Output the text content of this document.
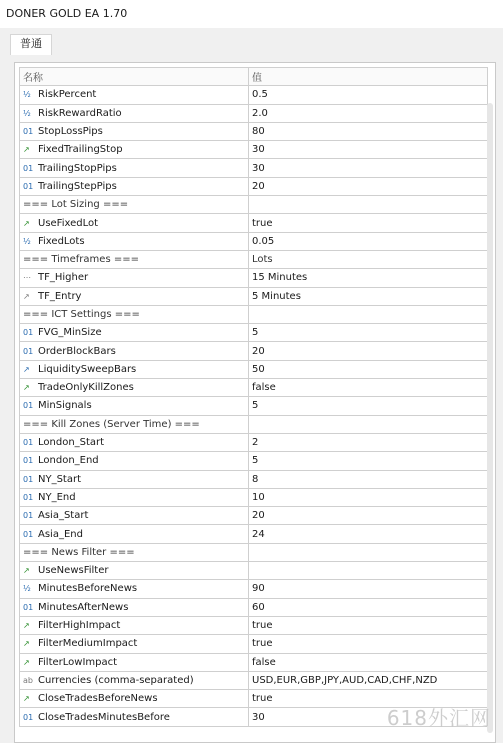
DONER GOLD EA 1.70
普通
名称	值
½ RiskPercent	0.5
½ RiskRewardRatio	2.0
01 StopLossPips	80
↗ FixedTrailingStop	30
01 TrailingStopPips	30
01 TrailingStepPips	20
=== Lot Sizing ===	
↗ UseFixedLot	true
½ FixedLots	0.05
=== Timeframes ===	Lots
⋯ TF_Higher	15 Minutes
↗ TF_Entry	5 Minutes
=== ICT Settings ===	
01 FVG_MinSize	5
01 OrderBlockBars	20
↗ LiquiditySweepBars	50
↗ TradeOnlyKillZones	false
01 MinSignals	5
=== Kill Zones (Server Time) ===	
01 London_Start	2
01 London_End	5
01 NY_Start	8
01 NY_End	10
01 Asia_Start	20
01 Asia_End	24
=== News Filter ===	
↗ UseNewsFilter	
½ MinutesBeforeNews	90
01 MinutesAfterNews	60
↗ FilterHighImpact	true
↗ FilterMediumImpact	true
↗ FilterLowImpact	false
ab Currencies (comma-separated)	USD,EUR,GBP,JPY,AUD,CAD,CHF,NZD
↗ CloseTradesBeforeNews	true
01 CloseTradesMinutesBefore	30	618外汇网
